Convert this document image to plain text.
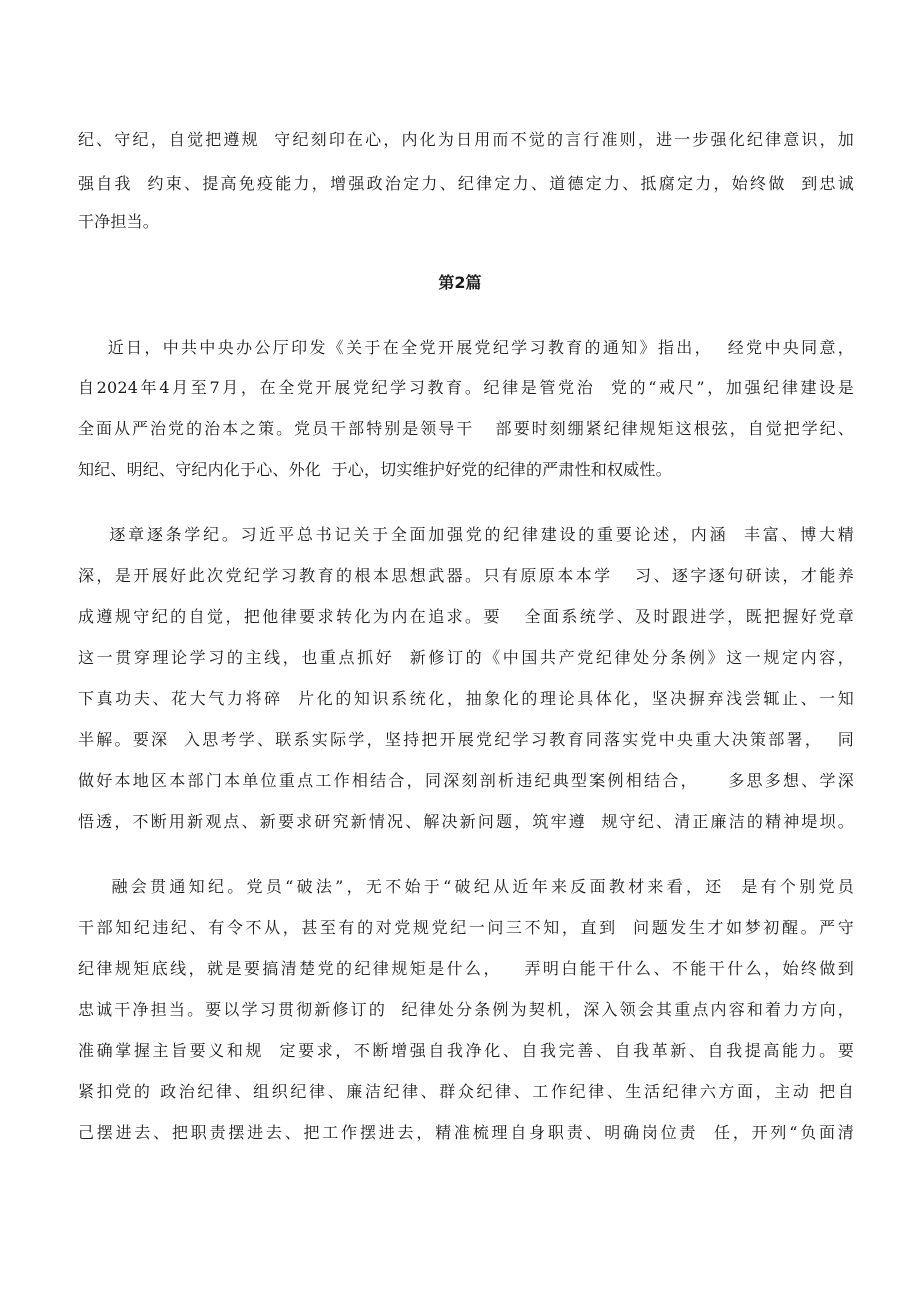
纪、守纪，自觉把遵规  守纪刻印在心，内化为日用而不觉的言行准则，进一步强化纪律意识，加
强自我  约束、提高免疫能力，增强政治定力、纪律定力、道德定力、抵腐定力，始终做  到忠诚
干净担当。
第2篇
近日，中共中央办公厅印发《关于在全党开展党纪学习教育的通知》指出，  经党中央同意，
自2024年4月至7月，在全党开展党纪学习教育。纪律是管党治  党的“戒尺”，加强纪律建设是
全面从严治党的治本之策。党员干部特别是领导干   部要时刻绷紧纪律规矩这根弦，自觉把学纪、
知纪、明纪、守纪内化于心、外化  于心，切实维护好党的纪律的严肃性和权威性。
逐章逐条学纪。习近平总书记关于全面加强党的纪律建设的重要论述，内涵  丰富、博大精
深，是开展好此次党纪学习教育的根本思想武器。只有原原本本学   习、逐字逐句研读，才能养
成遵规守纪的自觉，把他律要求转化为内在追求。要   全面系统学、及时跟进学，既把握好党章
这一贯穿理论学习的主线，也重点抓好  新修订的《中国共产党纪律处分条例》这一规定内容，
下真功夫、花大气力将碎  片化的知识系统化，抽象化的理论具体化，坚决摒弃浅尝辄止、一知
半解。要深  入思考学、联系实际学，坚持把开展党纪学习教育同落实党中央重大决策部署，  同
做好本地区本部门本单位重点工作相结合，同深刻剖析违纪典型案例相结合，    多思多想、学深
悟透，不断用新观点、新要求研究新情况、解决新问题，筑牢遵  规守纪、清正廉洁的精神堤坝。
融会贯通知纪。党员“破法”，无不始于“破纪从近年来反面教材来看，还  是有个别党员
干部知纪违纪、有令不从，甚至有的对党规党纪一问三不知，直到  问题发生才如梦初醒。严守
纪律规矩底线，就是要搞清楚党的纪律规矩是什么，   弄明白能干什么、不能干什么，始终做到
忠诚干净担当。要以学习贯彻新修订的  纪律处分条例为契机，深入领会其重点内容和着力方向，
准确掌握主旨要义和规  定要求，不断增强自我净化、自我完善、自我革新、自我提高能力。要
紧扣党的 政治纪律、组织纪律、廉洁纪律、群众纪律、工作纪律、生活纪律六方面，主动 把自
己摆进去、把职责摆进去、把工作摆进去，精准梳理自身职责、明确岗位责  任，开列“负面清
